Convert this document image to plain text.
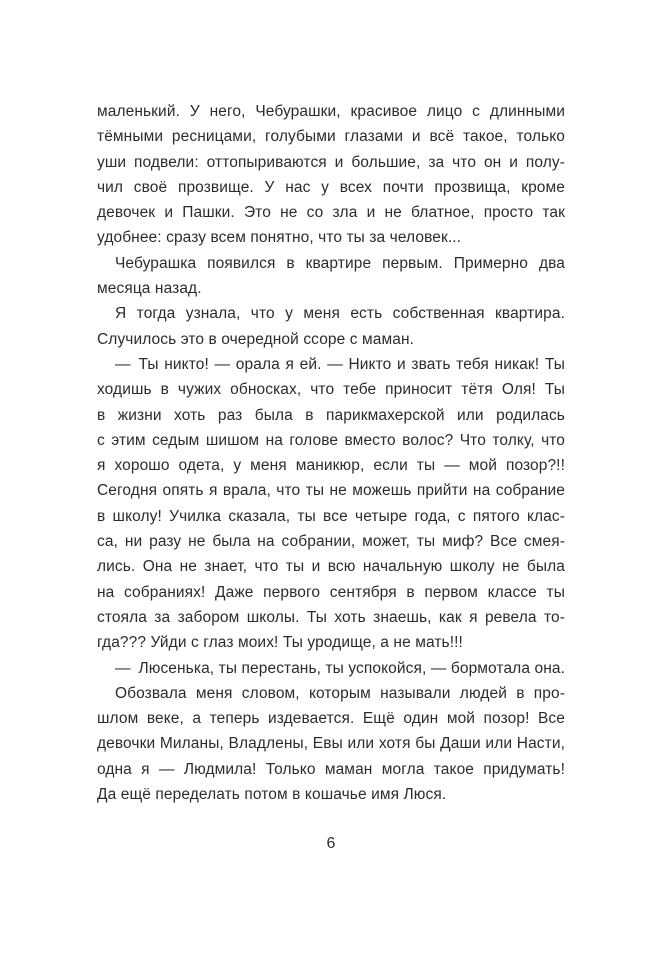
маленький. У него, Чебурашки, красивое лицо с длинными
тёмными ресницами, голубыми глазами и всё такое, только
уши подвели: оттопыриваются и большие, за что он и полу-
чил своё прозвище. У нас у всех почти прозвища, кроме
девочек и Пашки. Это не со зла и не блатное, просто так
удобнее: сразу всем понятно, что ты за человек...
Чебурашка появился в квартире первым. Примерно два
месяца назад.
Я тогда узнала, что у меня есть собственная квартира.
Случилось это в очередной ссоре с маман.
— Ты никто! — орала я ей. — Никто и звать тебя никак! Ты
ходишь в чужих обносках, что тебе приносит тётя Оля! Ты
в жизни хоть раз была в парикмахерской или родилась
с этим седым шишом на голове вместо волос? Что толку, что
я хорошо одета, у меня маникюр, если ты — мой позор?!!
Сегодня опять я врала, что ты не можешь прийти на собрание
в школу! Училка сказала, ты все четыре года, с пятого клас-
са, ни разу не была на собрании, может, ты миф? Все смея-
лись. Она не знает, что ты и всю начальную школу не была
на собраниях! Даже первого сентября в первом классе ты
стояла за забором школы. Ты хоть знаешь, как я ревела то-
гда??? Уйди с глаз моих! Ты уродище, а не мать!!!
— Люсенька, ты перестань, ты успокойся, — бормотала она.
Обозвала меня словом, которым называли людей в про-
шлом веке, а теперь издевается. Ещё один мой позор! Все
девочки Миланы, Владлены, Евы или хотя бы Даши или Насти,
одна я — Людмила! Только маман могла такое придумать!
Да ещё переделать потом в кошачье имя Люся.
6
